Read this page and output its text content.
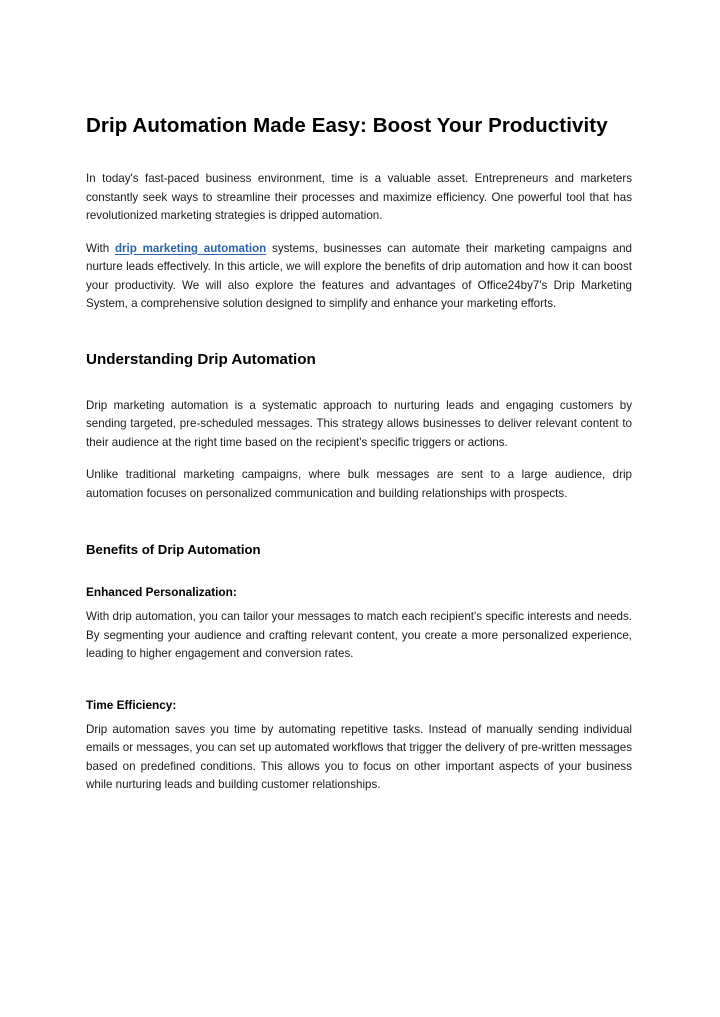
Drip Automation Made Easy: Boost Your Productivity

In today's fast-paced business environment, time is a valuable asset. Entrepreneurs and marketers constantly seek ways to streamline their processes and maximize efficiency. One powerful tool that has revolutionized marketing strategies is dripped automation.

With drip marketing automation systems, businesses can automate their marketing campaigns and nurture leads effectively. In this article, we will explore the benefits of drip automation and how it can boost your productivity. We will also explore the features and advantages of Office24by7's Drip Marketing System, a comprehensive solution designed to simplify and enhance your marketing efforts.

Understanding Drip Automation

Drip marketing automation is a systematic approach to nurturing leads and engaging customers by sending targeted, pre-scheduled messages. This strategy allows businesses to deliver relevant content to their audience at the right time based on the recipient's specific triggers or actions.

Unlike traditional marketing campaigns, where bulk messages are sent to a large audience, drip automation focuses on personalized communication and building relationships with prospects.

Benefits of Drip Automation
Enhanced Personalization:

With drip automation, you can tailor your messages to match each recipient's specific interests and needs. By segmenting your audience and crafting relevant content, you create a more personalized experience, leading to higher engagement and conversion rates.

Time Efficiency:

Drip automation saves you time by automating repetitive tasks. Instead of manually sending individual emails or messages, you can set up automated workflows that trigger the delivery of pre-written messages based on predefined conditions. This allows you to focus on other important aspects of your business while nurturing leads and building customer relationships.
